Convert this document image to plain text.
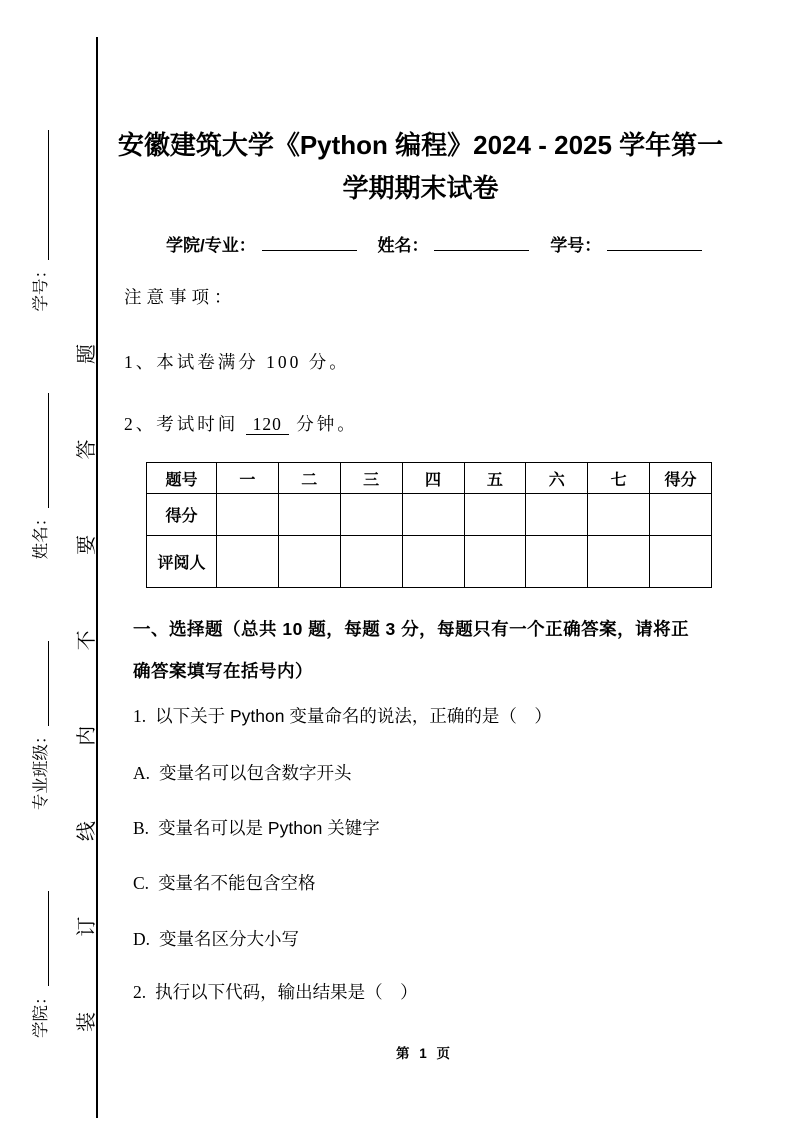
学院：
专业班级：
姓名：
学号：
装
订
线
内
不
要
答
题
安徽建筑大学《Python 编程》2024 - 2025 学年第一
学期期末试卷
学院/专业：	姓名：	学号：
注意事项：
1、本试卷满分 100 分。
2、考试时间 120 分钟。
题号	一	二	三	四	五	六	七	得分
得分								
评阅人								
一、选择题（总共 10 题，每题 3 分，每题只有一个正确答案，请将正
确答案填写在括号内）
1. 以下关于 Python 变量命名的说法，正确的是（　）
A. 变量名可以包含数字开头
B. 变量名可以是 Python 关键字
C. 变量名不能包含空格
D. 变量名区分大小写
2. 执行以下代码，输出结果是（　）
第 1 页
